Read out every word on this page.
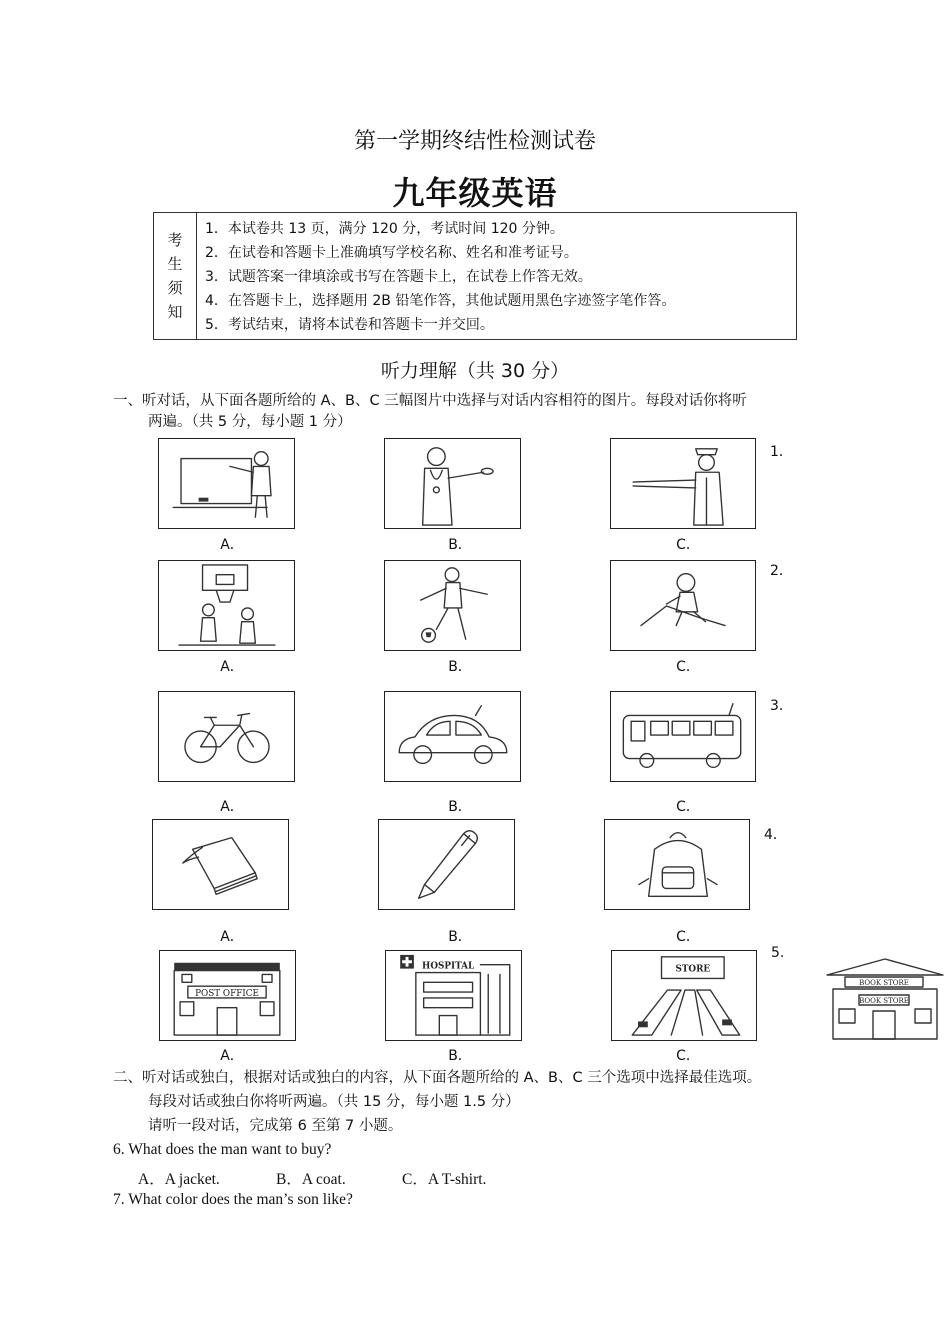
第一学期终结性检测试卷
九年级英语
考
生
须
知
1．本试卷共 13 页，满分 120 分，考试时间 120 分钟。
2．在试卷和答题卡上准确填写学校名称、姓名和准考证号。
3．试题答案一律填涂或书写在答题卡上，在试卷上作答无效。
4．在答题卡上，选择题用 2B 铅笔作答，其他试题用黑色字迹签字笔作答。
5．考试结束，请将本试卷和答题卡一并交回。
听力理解（共 30 分）
一、听对话，从下面各题所给的 A、B、C 三幅图片中选择与对话内容相符的图片。每段对话你将听
两遍。（共 5 分，每小题 1 分）
1．
A．	B．	C．
2．
A．	B．	C．
3．
A．	B．	C．
4．
A．	B．	C．
POST OFFICE
HOSPITAL	STORE
5.
A．	B．	C．
BOOK STORE
BOOK STORE
二、听对话或独白，根据对话或独白的内容，从下面各题所给的 A、B、C 三个选项中选择最佳选项。
每段对话或独白你将听两遍。（共 15 分，每小题 1.5 分）
请听一段对话，完成第 6 至第 7 小题。
6. What does the man want to buy?
A．A jacket.	B．A coat.	C．A T-shirt.
7. What color does the man’s son like?
